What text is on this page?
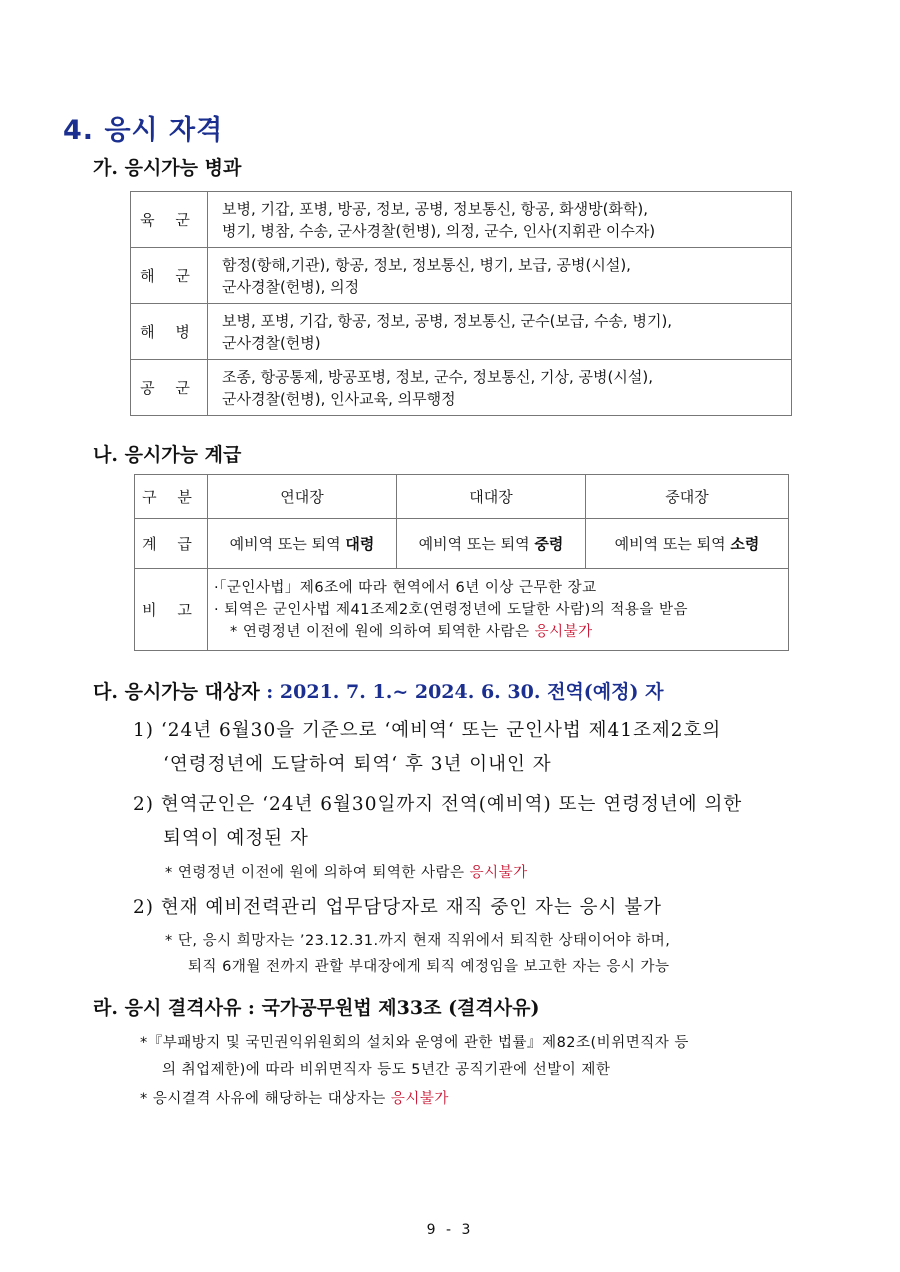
4. 응시 자격
가. 응시가능 병과
육 군	보병, 기갑, 포병, 방공, 정보, 공병, 정보통신, 항공, 화생방(화학),
병기, 병참, 수송, 군사경찰(헌병), 의정, 군수, 인사(지휘관 이수자)

해 군	함정(항해,기관), 항공, 정보, 정보통신, 병기, 보급, 공병(시설),
군사경찰(헌병), 의정

해 병	보병, 포병, 기갑, 항공, 정보, 공병, 정보통신, 군수(보급, 수송, 병기),
군사경찰(헌병)

공 군	조종, 항공통제, 방공포병, 정보, 군수, 정보통신, 기상, 공병(시설),
군사경찰(헌병), 인사교육, 의무행정
나. 응시가능 계급
구 분	연대장	대대장	중대장
계 급	예비역 또는 퇴역 대령	예비역 또는 퇴역 중령	예비역 또는 퇴역 소령
비 고	·「군인사법」제6조에 따라 현역에서 6년 이상 근무한 장교
· 퇴역은 군인사법 제41조제2호(연령정년에 도달한 사람)의 적용을 받음
* 연령정년 이전에 원에 의하여 퇴역한 사람은 응시불가		
다. 응시가능 대상자 : 2021. 7. 1.~ 2024. 6. 30. 전역(예정) 자
1) ‘24년 6월30을 기준으로 ‘예비역‘ 또는 군인사법 제41조제2호의
‘연령정년에 도달하여 퇴역‘ 후 3년 이내인 자
2) 현역군인은 ‘24년 6월30일까지 전역(예비역) 또는 연령정년에 의한
퇴역이 예정된 자
* 연령정년 이전에 원에 의하여 퇴역한 사람은 응시불가
2) 현재 예비전력관리 업무담당자로 재직 중인 자는 응시 불가
* 단, 응시 희망자는 ’23.12.31.까지 현재 직위에서 퇴직한 상태이어야 하며,
퇴직 6개월 전까지 관할 부대장에게 퇴직 예정임을 보고한 자는 응시 가능
라. 응시 결격사유 : 국가공무원법 제33조 (결격사유)
*『부패방지 및 국민권익위원회의 설치와 운영에 관한 법률』제82조(비위면직자 등
의 취업제한)에 따라 비위면직자 등도 5년간 공직기관에 선발이 제한
* 응시결격 사유에 해당하는 대상자는 응시불가
9 - 3
